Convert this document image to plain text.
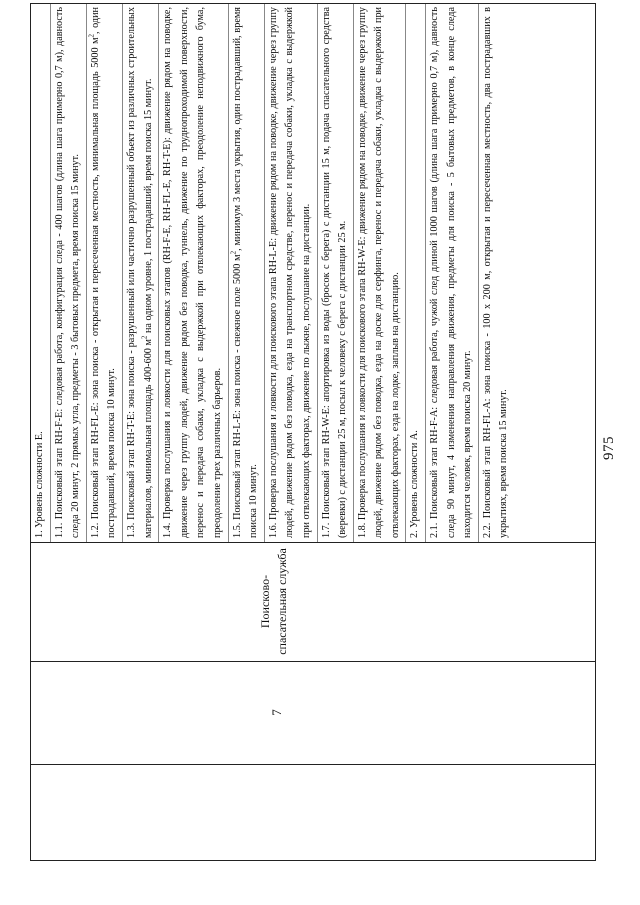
975
7
Поисково- спасательная служба

1. Уровень сложности Е. 1.1. Поисковый этап RH-F-E: следовая работа, конфигурация следа - 400 шагов (длина шага примерно 0,7 м), давность следа 20 минут, 2 прямых угла, предметы - 3 бытовых предмета, время поиска 15 минут. 1.2. Поисковый этап RH-FL-E: зона поиска - открытая и пересеченная местность, минимальная площадь 5000 $м^2$, один пострадавший, время поиска 10 минут. 1.3. Поисковый этап RH-T-E: зона поиска - разрушенный или частично разрушенный объект из различных строительных материалов, минимальная площадь 400-600 $м^2$ на одном уровне, 1 пострадавший, время поиска 15 минут. 1.4. Проверка послушания и ловкости для поисковых этапов (RH-F-E, RH-FL-E, RH-T-E): движение рядом на поводке, движение через группу людей, движение рядом без поводка, туннель, движение по труднопроходимой поверхности, перенос и передача собаки, укладка с выдержкой при отвлекающих факторах, преодоление неподвижного бума, преодоление трех различных барьеров. 1.5. Поисковый этап RH-L-E: зона поиска - снежное поле 5000 $м^2$, минимум 3 места укрытия, один пострадавший, время поиска 10 минут. 1.6. Проверка послушания и ловкости для поискового этапа RH-L-E: движение рядом на поводке, движение через группу людей, движение рядом без поводка, езда на транспортном средстве, перенос и передача собаки, укладка с выдержкой при отвлекающих факторах, движение по лыжне, послушание на дистанции. 1.7. Поисковый этап RH-W-E: апортировка из воды (бросок с берега) с дистанции 15 м, подача спасательного средства (веревки) с дистанции 25 м, посыл к человеку с берега с дистанции 25 м. 1.8. Проверка послушания и ловкости для поискового этапа RH-W-E: движение рядом на поводке, движение через группу людей, движение рядом без поводка, езда на доске для серфинга, перенос и передача собаки, укладка с выдержкой при отвлекающих факторах, езда на лодке, заплыв на дистанцию. 2. Уровень сложности А. 2.1. Поисковый этап RH-F-A: следовая работа, чужой след длиной 1000 шагов (длина шага примерно 0,7 м), давность следа 90 минут, 4 изменения направления движения, предметы для поиска - 5 бытовых предметов, в конце следа находится человек, время поиска 20 минут. 2.2. Поисковый этап RH-FL-A: зона поиска - 100 х 200 м, открытая и пересеченная местность, два пострадавших в укрытиях, время поиска 15 минут.
